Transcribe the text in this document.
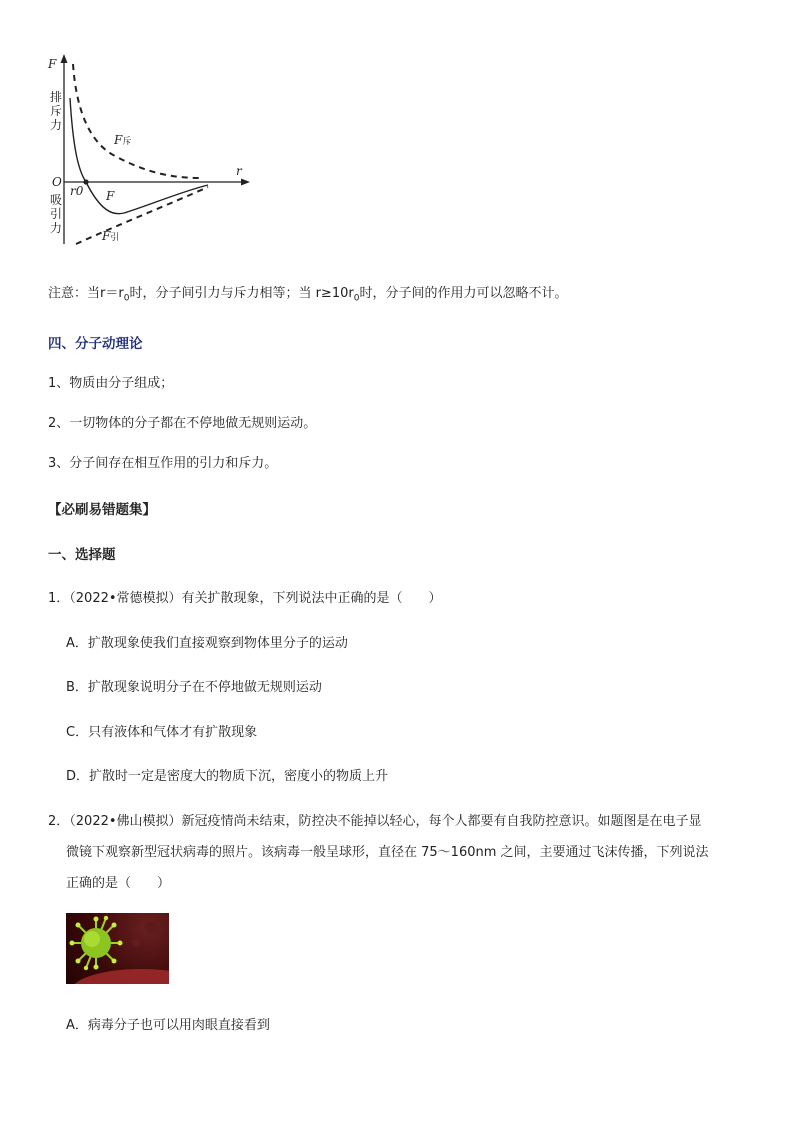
F
排斥力
O
吸引力
r0
r
F
F斥
F引
注意：当$r=r_0$时，分子间引力与斥力相等；当 $r\ge 10r_0$时，分子间的作用力可以忽略不计。
四、分子动理论
1、物质由分子组成；
2、一切物体的分子都在不停地做无规则运动。
3、分子间存在相互作用的引力和斥力。
【必刷易错题集】
一、选择题
1．（2022•常德模拟）有关扩散现象，下列说法中正确的是（　　）
A．扩散现象使我们直接观察到物体里分子的运动
B．扩散现象说明分子在不停地做无规则运动
C．只有液体和气体才有扩散现象
D．扩散时一定是密度大的物质下沉，密度小的物质上升
2．（2022•佛山模拟）新冠疫情尚未结束，防控决不能掉以轻心，每个人都要有自我防控意识。如题图是在电子显
微镜下观察新型冠状病毒的照片。该病毒一般呈球形，直径在 75～160nm 之间，主要通过飞沫传播，下列说法
正确的是（　　）
A．病毒分子也可以用肉眼直接看到
